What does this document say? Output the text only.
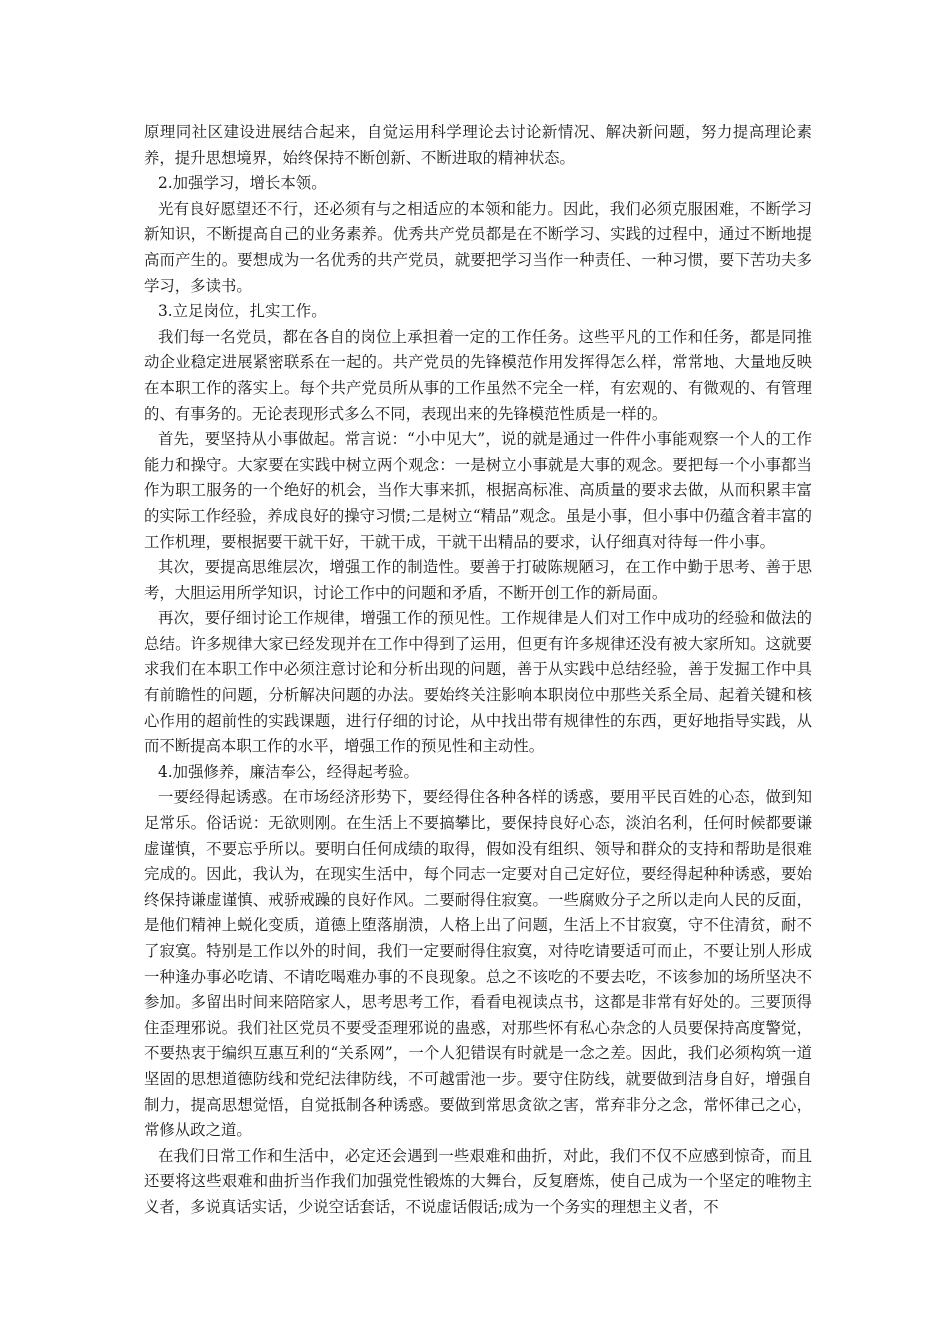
原理同社区建设进展结合起来，自觉运用科学理论去讨论新情况、解决新问题，努力提高理论素养，提升思想境界，始终保持不断创新、不断进取的精神状态。

2.加强学习，增长本领。

光有良好愿望还不行，还必须有与之相适应的本领和能力。因此，我们必须克服困难，不断学习新知识，不断提高自己的业务素养。优秀共产党员都是在不断学习、实践的过程中，通过不断地提高而产生的。要想成为一名优秀的共产党员，就要把学习当作一种责任、一种习惯，要下苦功夫多学习，多读书。

3.立足岗位，扎实工作。

我们每一名党员，都在各自的岗位上承担着一定的工作任务。这些平凡的工作和任务，都是同推动企业稳定进展紧密联系在一起的。共产党员的先锋模范作用发挥得怎么样，常常地、大量地反映在本职工作的落实上。每个共产党员所从事的工作虽然不完全一样，有宏观的、有微观的、有管理的、有事务的。无论表现形式多么不同，表现出来的先锋模范性质是一样的。

首先，要坚持从小事做起。常言说：“小中见大”，说的就是通过一件件小事能观察一个人的工作能力和操守。大家要在实践中树立两个观念：一是树立小事就是大事的观念。要把每一个小事都当作为职工服务的一个绝好的机会，当作大事来抓，根据高标准、高质量的要求去做，从而积累丰富的实际工作经验，养成良好的操守习惯;二是树立“精品”观念。虽是小事，但小事中仍蕴含着丰富的工作机理，要根据要干就干好，干就干成，干就干出精品的要求，认仔细真对待每一件小事。

其次，要提高思维层次，增强工作的制造性。要善于打破陈规陋习，在工作中勤于思考、善于思考，大胆运用所学知识，讨论工作中的问题和矛盾，不断开创工作的新局面。

再次，要仔细讨论工作规律，增强工作的预见性。工作规律是人们对工作中成功的经验和做法的总结。许多规律大家已经发现并在工作中得到了运用，但更有许多规律还没有被大家所知。这就要求我们在本职工作中必须注意讨论和分析出现的问题，善于从实践中总结经验，善于发掘工作中具有前瞻性的问题，分析解决问题的办法。要始终关注影响本职岗位中那些关系全局、起着关键和核心作用的超前性的实践课题，进行仔细的讨论，从中找出带有规律性的东西，更好地指导实践，从而不断提高本职工作的水平，增强工作的预见性和主动性。

4.加强修养，廉洁奉公，经得起考验。

一要经得起诱惑。在市场经济形势下，要经得住各种各样的诱惑，要用平民百姓的心态，做到知足常乐。俗话说：无欲则刚。在生活上不要搞攀比，要保持良好心态，淡泊名利，任何时候都要谦虚谨慎，不要忘乎所以。要明白任何成绩的取得，假如没有组织、领导和群众的支持和帮助是很难完成的。因此，我认为，在现实生活中，每个同志一定要对自己定好位，要经得起种种诱惑，要始终保持谦虚谨慎、戒骄戒躁的良好作风。二要耐得住寂寞。一些腐败分子之所以走向人民的反面，是他们精神上蜕化变质，道德上堕落崩溃，人格上出了问题，生活上不甘寂寞，守不住清贫，耐不了寂寞。特别是工作以外的时间，我们一定要耐得住寂寞，对待吃请要适可而止，不要让别人形成一种逢办事必吃请、不请吃喝难办事的不良现象。总之不该吃的不要去吃，不该参加的场所坚决不参加。多留出时间来陪陪家人，思考思考工作，看看电视读点书，这都是非常有好处的。三要顶得住歪理邪说。我们社区党员不要受歪理邪说的蛊惑，对那些怀有私心杂念的人员要保持高度警觉，不要热衷于编织互惠互利的“关系网”，一个人犯错误有时就是一念之差。因此，我们必须构筑一道坚固的思想道德防线和党纪法律防线，不可越雷池一步。要守住防线，就要做到洁身自好，增强自制力，提高思想觉悟，自觉抵制各种诱惑。要做到常思贪欲之害，常弃非分之念，常怀律己之心，常修从政之道。

在我们日常工作和生活中，必定还会遇到一些艰难和曲折，对此，我们不仅不应感到惊奇，而且还要将这些艰难和曲折当作我们加强党性锻炼的大舞台，反复磨炼，使自己成为一个坚定的唯物主义者，多说真话实话，少说空话套话，不说虚话假话;成为一个务实的理想主义者，不
